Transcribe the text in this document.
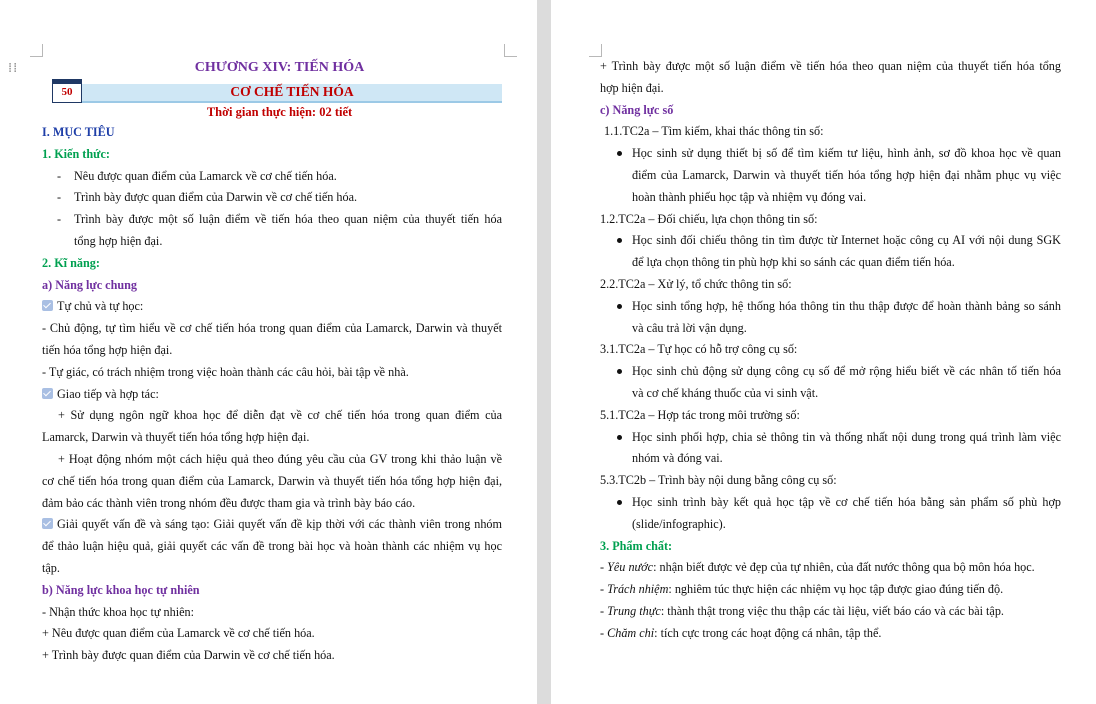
⁞⁞	CHƯƠNG XIV: TIẾN HÓA
50	CƠ CHẾ TIẾN HÓA
Thời gian thực hiện: 02 tiết
I. MỤC TIÊU
1. Kiến thức:
- Nêu được quan điểm của Lamarck về cơ chế tiến hóa.
- Trình bày được quan điểm của Darwin về cơ chế tiến hóa.
- Trình bày được một số luận điểm về tiến hóa theo quan niệm của thuyết tiến hóa
tổng hợp hiện đại.
2. Kĩ năng:
a) Năng lực chung
Tự chủ và tự học:
- Chủ động, tự tìm hiểu về cơ chế tiến hóa trong quan điểm của Lamarck, Darwin và thuyết
tiến hóa tổng hợp hiện đại.
- Tự giác, có trách nhiệm trong việc hoàn thành các câu hỏi, bài tập về nhà.
Giao tiếp và hợp tác:
+ Sử dụng ngôn ngữ khoa học để diễn đạt về cơ chế tiến hóa trong quan điểm của
Lamarck, Darwin và thuyết tiến hóa tổng hợp hiện đại.
+ Hoạt động nhóm một cách hiệu quả theo đúng yêu cầu của GV trong khi thảo luận về
cơ chế tiến hóa trong quan điểm của Lamarck, Darwin và thuyết tiến hóa tổng hợp hiện đại,
đảm bảo các thành viên trong nhóm đều được tham gia và trình bày báo cáo.
Giải quyết vấn đề và sáng tạo: Giải quyết vấn đề kịp thời với các thành viên trong nhóm
để thảo luận hiệu quả, giải quyết các vấn đề trong bài học và hoàn thành các nhiệm vụ học
tập.
b) Năng lực khoa học tự nhiên
- Nhận thức khoa học tự nhiên:
+ Nêu được quan điểm của Lamarck về cơ chế tiến hóa.
+ Trình bày được quan điểm của Darwin về cơ chế tiến hóa.
+ Trình bày được một số luận điểm về tiến hóa theo quan niệm của thuyết tiến hóa tổng
hợp hiện đại.
c) Năng lực số
1.1.TC2a – Tìm kiếm, khai thác thông tin số:
Học sinh sử dụng thiết bị số để tìm kiếm tư liệu, hình ảnh, sơ đồ khoa học về quan
điểm của Lamarck, Darwin và thuyết tiến hóa tổng hợp hiện đại nhằm phục vụ việc
hoàn thành phiếu học tập và nhiệm vụ đóng vai.
1.2.TC2a – Đối chiếu, lựa chọn thông tin số:
Học sinh đối chiếu thông tin tìm được từ Internet hoặc công cụ AI với nội dung SGK
để lựa chọn thông tin phù hợp khi so sánh các quan điểm tiến hóa.
2.2.TC2a – Xử lý, tổ chức thông tin số:
Học sinh tổng hợp, hệ thống hóa thông tin thu thập được để hoàn thành bảng so sánh
và câu trả lời vận dụng.
3.1.TC2a – Tự học có hỗ trợ công cụ số:
Học sinh chủ động sử dụng công cụ số để mở rộng hiểu biết về các nhân tố tiến hóa
và cơ chế kháng thuốc của vi sinh vật.
5.1.TC2a – Hợp tác trong môi trường số:
Học sinh phối hợp, chia sẻ thông tin và thống nhất nội dung trong quá trình làm việc
nhóm và đóng vai.
5.3.TC2b – Trình bày nội dung bằng công cụ số:
Học sinh trình bày kết quả học tập về cơ chế tiến hóa bằng sản phẩm số phù hợp
(slide/infographic).
3. Phẩm chất:
- Yêu nước: nhận biết được vẻ đẹp của tự nhiên, của đất nước thông qua bộ môn hóa học.
- Trách nhiệm: nghiêm túc thực hiện các nhiệm vụ học tập được giao đúng tiến độ.
- Trung thực: thành thật trong việc thu thập các tài liệu, viết báo cáo và các bài tập.
- Chăm chỉ: tích cực trong các hoạt động cá nhân, tập thể.
